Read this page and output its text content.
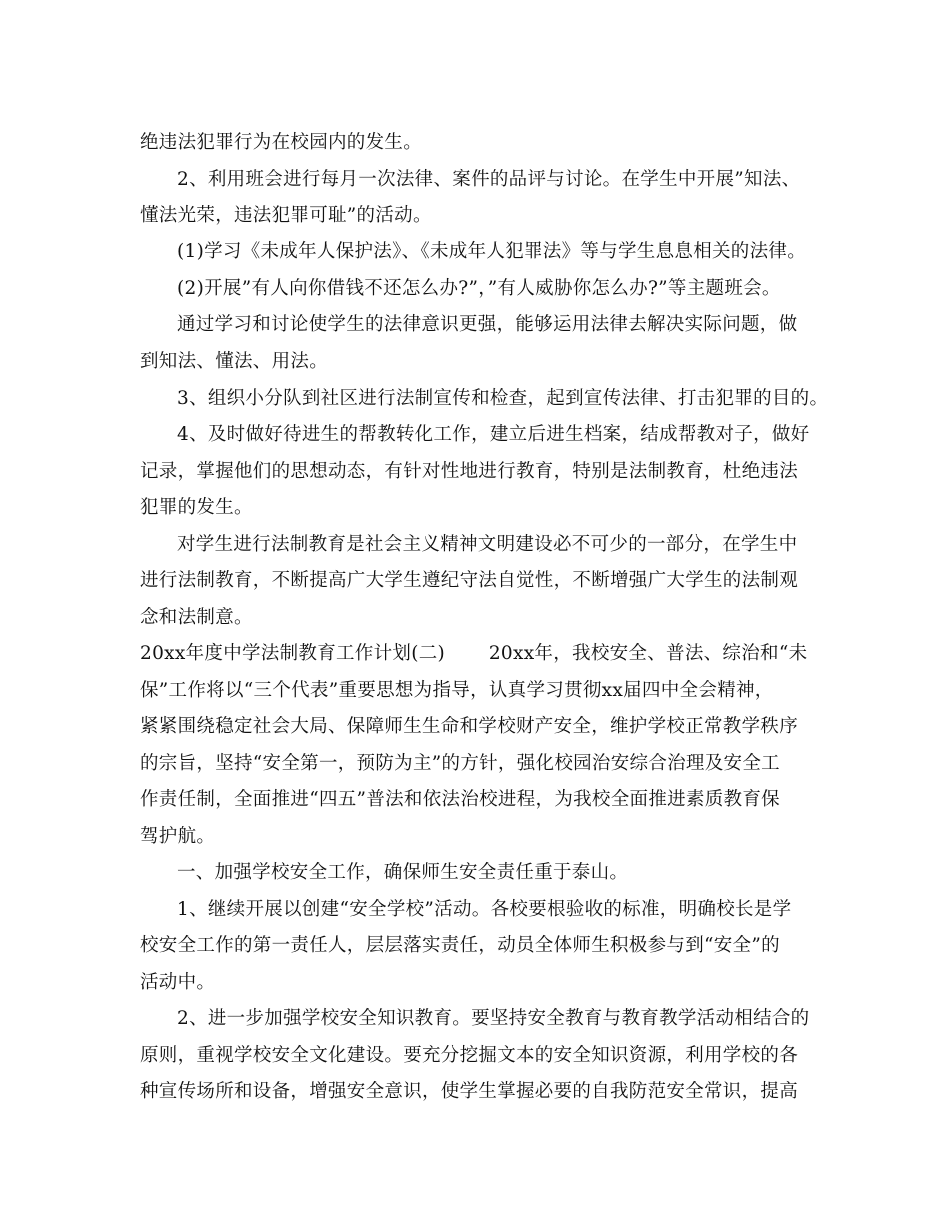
绝违法犯罪行为在校园内的发生。
2、利用班会进行每月一次法律、案件的品评与讨论。在学生中开展”知法、
懂法光荣，违法犯罪可耻”的活动。
(1)学习《未成年人保护法》、《未成年人犯罪法》等与学生息息相关的法律。
(2)开展”有人向你借钱不还怎么办?”，”有人威胁你怎么办?”等主题班会。
通过学习和讨论使学生的法律意识更强，能够运用法律去解决实际问题，做
到知法、懂法、用法。
3、组织小分队到社区进行法制宣传和检查，起到宣传法律、打击犯罪的目的。
4、及时做好待进生的帮教转化工作，建立后进生档案，结成帮教对子，做好
记录，掌握他们的思想动态，有针对性地进行教育，特别是法制教育，杜绝违法
犯罪的发生。
对学生进行法制教育是社会主义精神文明建设必不可少的一部分，在学生中
进行法制教育，不断提高广大学生遵纪守法自觉性，不断增强广大学生的法制观
念和法制意。
20xx年度中学法制教育工作计划(二)　　 20xx年，我校安全、普法、综治和“未
保”工作将以“三个代表”重要思想为指导，认真学习贯彻xx届四中全会精神，
紧紧围绕稳定社会大局、保障师生生命和学校财产安全，维护学校正常教学秩序
的宗旨，坚持“安全第一，预防为主”的方针，强化校园治安综合治理及安全工
作责任制，全面推进“四五”普法和依法治校进程，为我校全面推进素质教育保
驾护航。
一、加强学校安全工作，确保师生安全责任重于泰山。
1、继续开展以创建“安全学校”活动。各校要根验收的标准，明确校长是学
校安全工作的第一责任人，层层落实责任，动员全体师生积极参与到“安全”的
活动中。
2、进一步加强学校安全知识教育。要坚持安全教育与教育教学活动相结合的
原则，重视学校安全文化建设。要充分挖掘文本的安全知识资源，利用学校的各
种宣传场所和设备，增强安全意识，使学生掌握必要的自我防范安全常识，提高
